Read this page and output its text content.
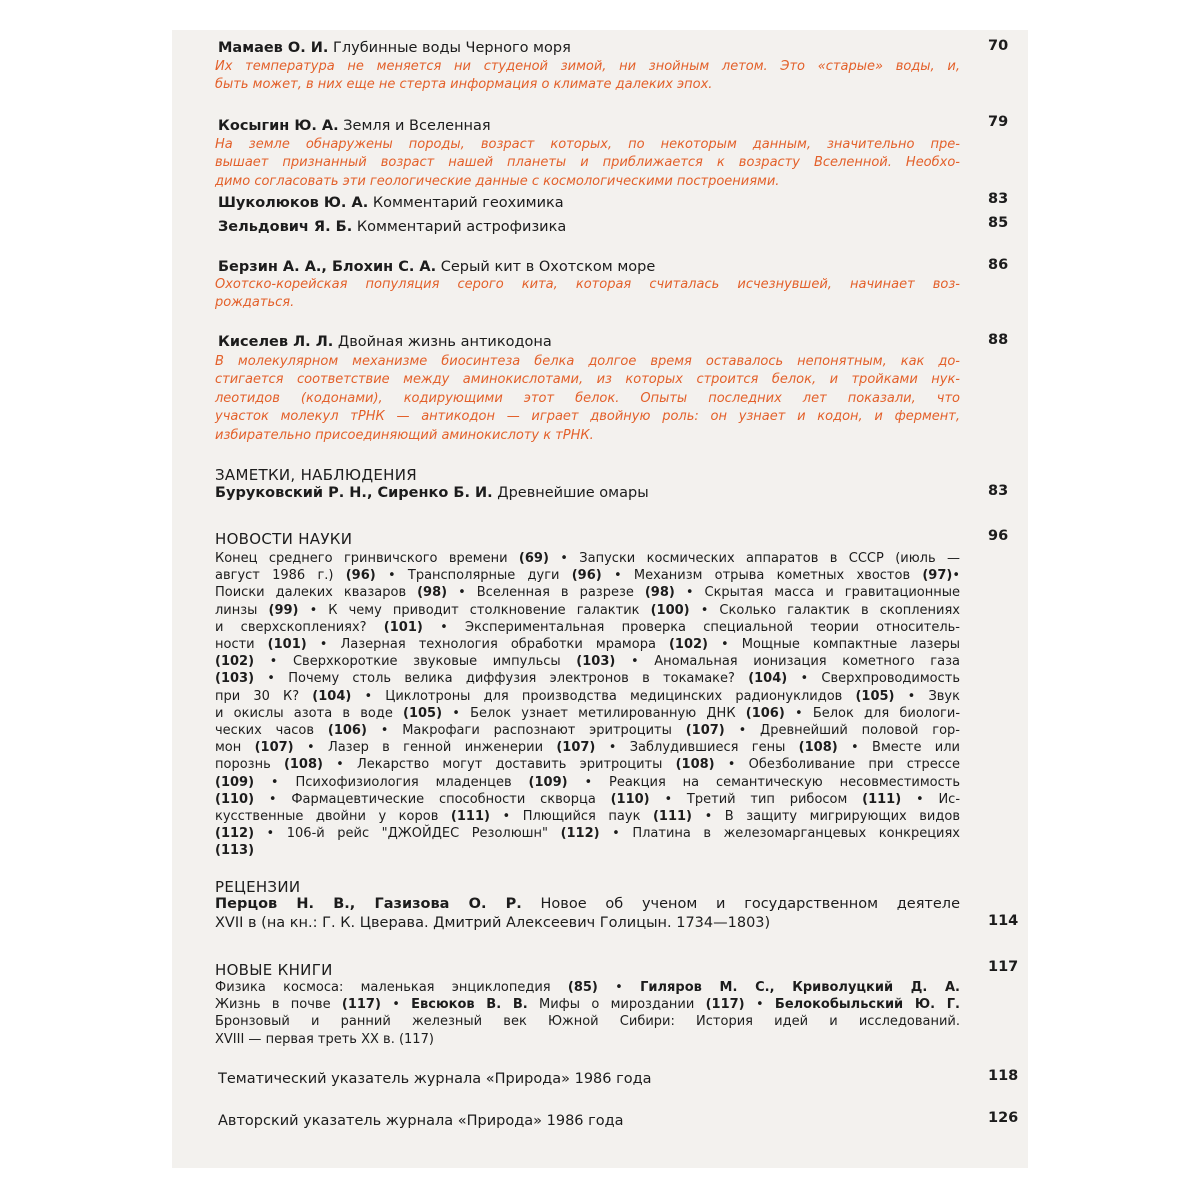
Мамаев О. И. Глубинные воды Черного моря	70
Их температура не меняется ни студеной зимой, ни знойным летом. Это «старые» воды, и,
быть может, в них еще не стерта информация о климате далеких эпох.
Косыгин Ю. А. Земля и Вселенная	79
На земле обнаружены породы, возраст которых, по некоторым данным, значительно пре-
вышает признанный возраст нашей планеты и приближается к возрасту Вселенной. Необхо-
димо согласовать эти геологические данные с космологическими построениями.
Шуколюков Ю. А. Комментарий геохимика	83
Зельдович Я. Б. Комментарий астрофизика	85
Берзин А. А., Блохин С. А. Серый кит в Охотском море	86
Охотско-корейская популяция серого кита, которая считалась исчезнувшей, начинает воз-
рождаться.
Киселев Л. Л. Двойная жизнь антикодона	88
В молекулярном механизме биосинтеза белка долгое время оставалось непонятным, как до-
стигается соответствие между аминокислотами, из которых строится белок, и тройками нук-
леотидов (кодонами), кодирующими этот белок. Опыты последних лет показали, что
участок молекул тРНК — антикодон — играет двойную роль: он узнает и кодон, и фермент,
избирательно присоединяющий аминокислоту к тРНК.
ЗАМЕТКИ, НАБЛЮДЕНИЯ
Буруковский Р. Н., Сиренко Б. И. Древнейшие омары	83
НОВОСТИ НАУКИ	96
Конец среднего гринвичского времени (69) • Запуски космических аппаратов в СССР (июль —
август 1986 г.) (96) • Трансполярные дуги (96) • Механизм отрыва кометных хвостов (97)•
Поиски далеких квазаров (98) • Вселенная в разрезе (98) • Скрытая масса и гравитационные
линзы (99) • К чему приводит столкновение галактик (100) • Сколько галактик в скоплениях
и сверхскоплениях? (101) • Экспериментальная проверка специальной теории относитель-
ности (101) • Лазерная технология обработки мрамора (102) • Мощные компактные лазеры
(102) • Сверхкороткие звуковые импульсы (103) • Аномальная ионизация кометного газа
(103) • Почему столь велика диффузия электронов в токамаке? (104) • Сверхпроводимость
при 30 К? (104) • Циклотроны для производства медицинских радионуклидов (105) • Звук
и окислы азота в воде (105) • Белок узнает метилированную ДНК (106) • Белок для биологи-
ческих часов (106) • Макрофаги распознают эритроциты (107) • Древнейший половой гор-
мон (107) • Лазер в генной инженерии (107) • Заблудившиеся гены (108) • Вместе или
порознь (108) • Лекарство могут доставить эритроциты (108) • Обезболивание при стрессе
(109) • Психофизиология младенцев (109) • Реакция на семантическую несовместимость
(110) • Фармацевтические способности скворца (110) • Третий тип рибосом (111) • Ис-
кусственные двойни у коров (111) • Плющийся паук (111) • В защиту мигрирующих видов
(112) • 106-й рейс "ДЖОЙДЕС Резолюшн" (112) • Платина в железомарганцевых конкрециях
(113)
РЕЦЕНЗИИ
Перцов Н. В., Газизова О. Р. Новое об ученом и государственном деятеле
XVII в (на кн.: Г. К. Цверава. Дмитрий Алексеевич Голицын. 1734—1803)	114
НОВЫЕ КНИГИ	117
Физика космоса: маленькая энциклопедия (85) • Гиляров М. С., Криволуцкий Д. А.
Жизнь в почве (117) • Евсюков В. В. Мифы о мироздании (117) • Белокобыльский Ю. Г.
Бронзовый и ранний железный век Южной Сибири: История идей и исследований.
XVIII — первая треть XX в. (117)
Тематический указатель журнала «Природа» 1986 года	118
Авторский указатель журнала «Природа» 1986 года	126
